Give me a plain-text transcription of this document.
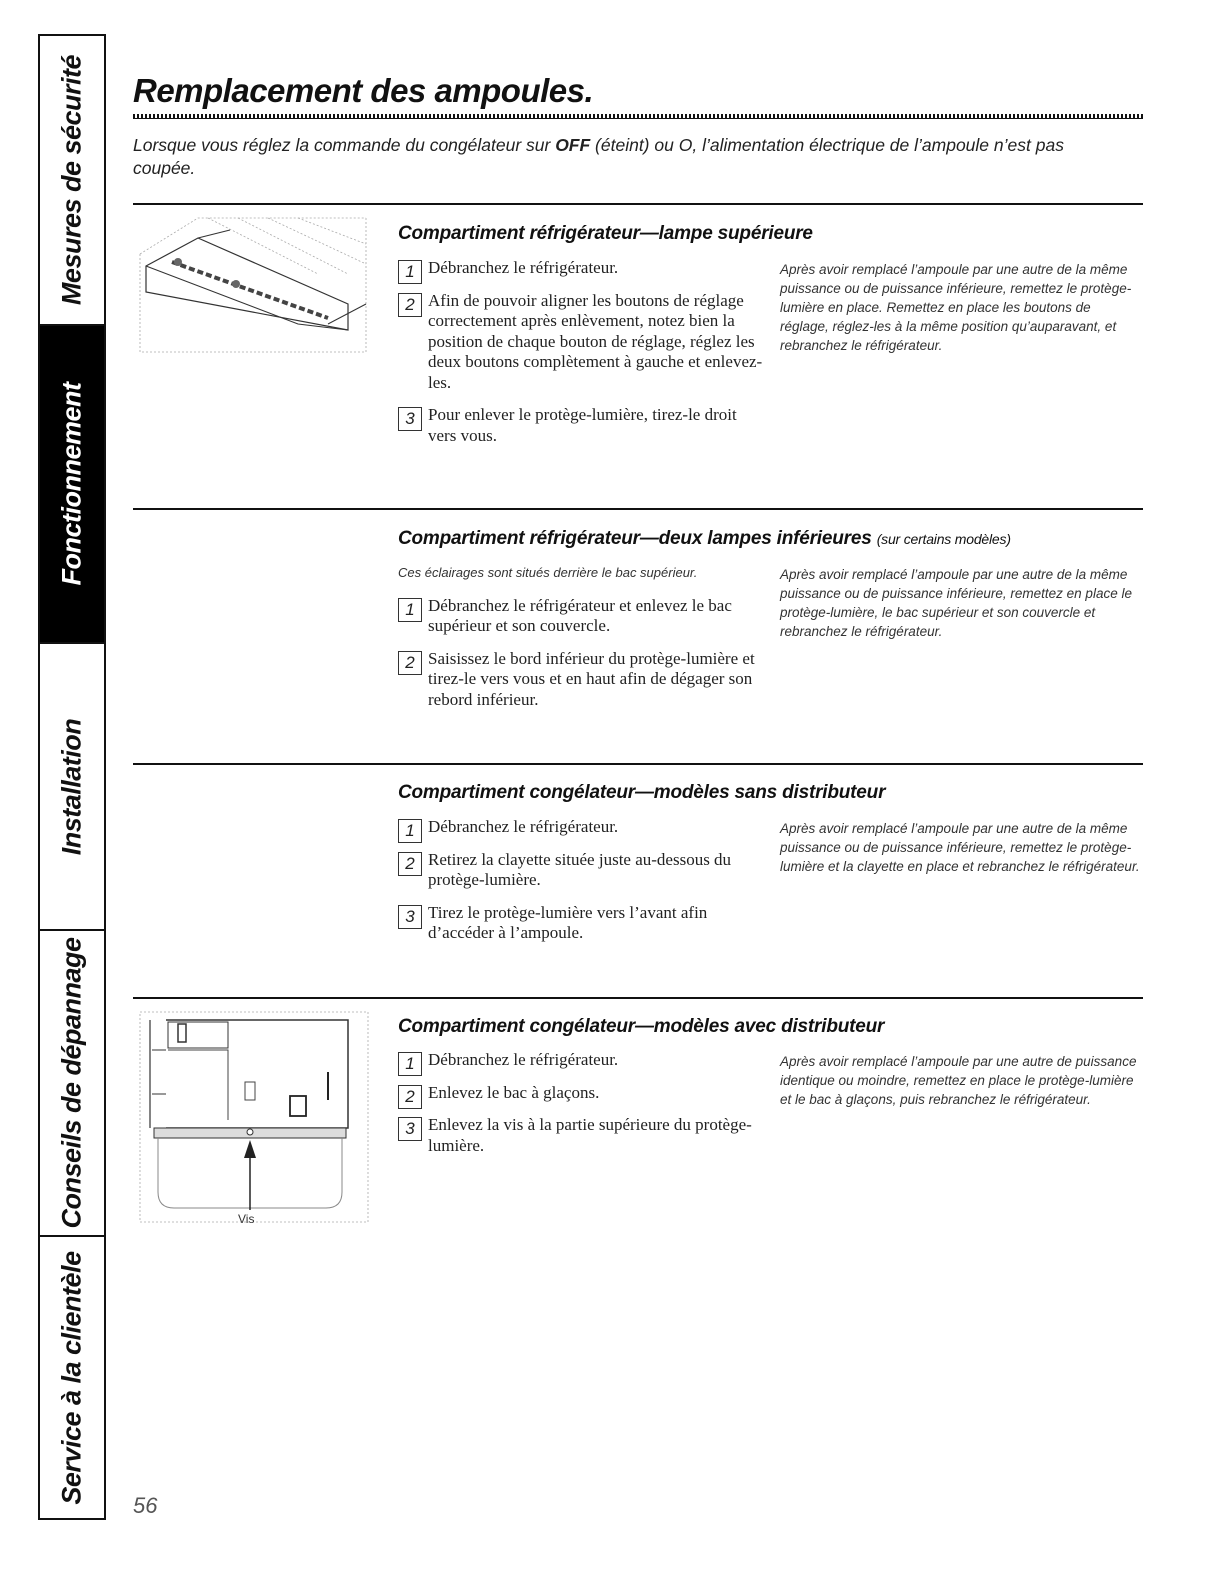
Mesures de sécurité
Fonctionnement
Installation
Conseils de dépannage
Service à la clientèle
Remplacement des ampoules.

Lorsque vous réglez la commande du congélateur sur OFF (éteint) ou O, l’alimentation électrique de l’ampoule n’est pas coupée.

Compartiment réfrigérateur—lampe supérieure
1 Débranchez le réfrigérateur.
2 Afin de pouvoir aligner les boutons de réglage correctement après enlèvement, notez bien la position de chaque bouton de réglage, réglez les deux boutons complètement à gauche et enlevez-les.
3 Pour enlever le protège-lumière, tirez-le droit vers vous.
Après avoir remplacé l’ampoule par une autre de la même puissance ou de puissance inférieure, remettez le protège-lumière en place. Remettez en place les boutons de réglage, réglez-les à la même position qu’auparavant, et rebranchez le réfrigérateur.
Compartiment réfrigérateur—deux lampes inférieures (sur certains modèles)
Ces éclairages sont situés derrière le bac supérieur.
1 Débranchez le réfrigérateur et enlevez le bac supérieur et son couvercle.
2 Saisissez le bord inférieur du protège-lumière et tirez-le vers vous et en haut afin de dégager son rebord inférieur.
Après avoir remplacé l’ampoule par une autre de la même puissance ou de puissance inférieure, remettez en place le protège-lumière, le bac supérieur et son couvercle et rebranchez le réfrigérateur.
Compartiment congélateur—modèles sans distributeur
1 Débranchez le réfrigérateur.
2 Retirez la clayette située juste au-dessous du protège-lumière.
3 Tirez le protège-lumière vers l’avant afin d’accéder à l’ampoule.
Après avoir remplacé l’ampoule par une autre de la même puissance ou de puissance inférieure, remettez le protège-lumière et la clayette en place et rebranchez le réfrigérateur.
Vis
Compartiment congélateur—modèles avec distributeur
1 Débranchez le réfrigérateur.
2 Enlevez le bac à glaçons.
3 Enlevez la vis à la partie supérieure du protège-lumière.
Après avoir remplacé l’ampoule par une autre de puissance identique ou moindre, remettez en place le protège-lumière et le bac à glaçons, puis rebranchez le réfrigérateur.
56
